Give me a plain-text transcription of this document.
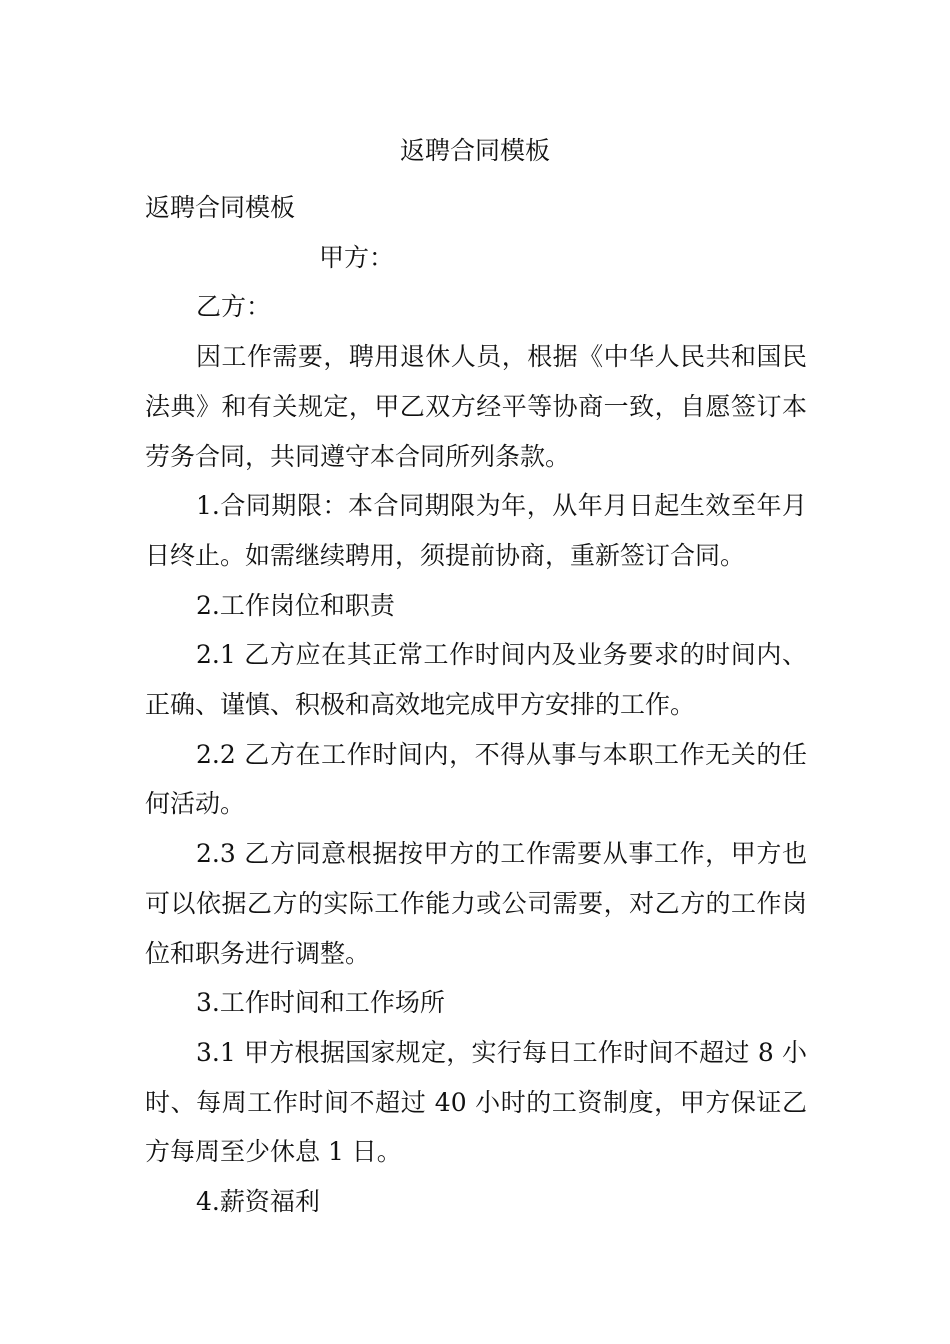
返聘合同模板

返聘合同模板

甲方：

乙方：

因工作需要，聘用退休人员，根据《中华人民共和国民法典》和有关规定，甲乙双方经平等协商一致，自愿签订本劳务合同，共同遵守本合同所列条款。

1.合同期限：本合同期限为年，从年月日起生效至年月日终止。如需继续聘用，须提前协商，重新签订合同。

2.工作岗位和职责

2.1 乙方应在其正常工作时间内及业务要求的时间内、正确、谨慎、积极和高效地完成甲方安排的工作。

2.2 乙方在工作时间内，不得从事与本职工作无关的任何活动。

2.3 乙方同意根据按甲方的工作需要从事工作，甲方也可以依据乙方的实际工作能力或公司需要，对乙方的工作岗位和职务进行调整。

3.工作时间和工作场所

3.1 甲方根据国家规定，实行每日工作时间不超过 8 小时、每周工作时间不超过 40 小时的工资制度，甲方保证乙方每周至少休息 1 日。

4.薪资福利
